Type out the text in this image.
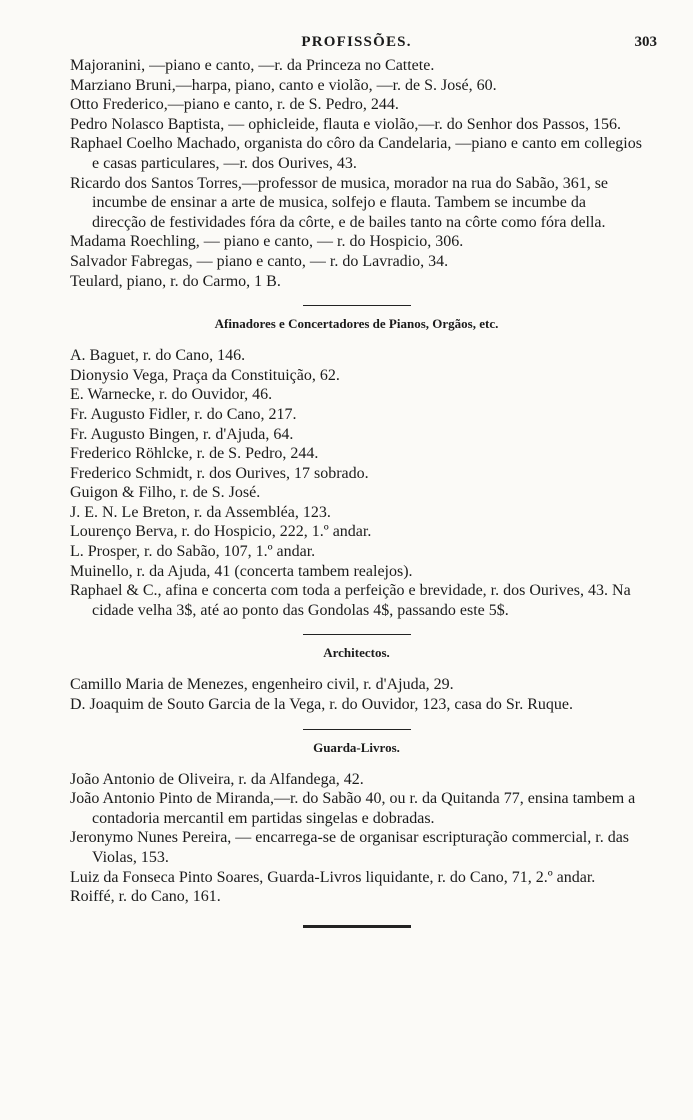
PROFISSÕES.	303

Majoranini, —piano e canto, —r. da Princeza no Cattete.

Marziano Bruni,—harpa, piano, canto e violão, —r. de S. José, 60.

Otto Frederico,—piano e canto, r. de S. Pedro, 244.

Pedro Nolasco Baptista, — ophicleide, flauta e violão,—r. do Senhor dos Passos, 156.

Raphael Coelho Machado, organista do côro da Candelaria, —piano e canto em collegios e casas particulares, —r. dos Ourives, 43.

Ricardo dos Santos Torres,—professor de musica, morador na rua do Sabão, 361, se incumbe de ensinar a arte de musica, solfejo e flauta. Tambem se incumbe da direcção de festividades fóra da côrte, e de bailes tanto na côrte como fóra della.

Madama Roechling, — piano e canto, — r. do Hospicio, 306.

Salvador Fabregas, — piano e canto, — r. do Lavradio, 34.

Teulard, piano, r. do Carmo, 1 B.

Afinadores e Concertadores de Pianos, Orgãos, etc.

A. Baguet, r. do Cano, 146.

Dionysio Vega, Praça da Constituição, 62.

E. Warnecke, r. do Ouvidor, 46.

Fr. Augusto Fidler, r. do Cano, 217.

Fr. Augusto Bingen, r. d'Ajuda, 64.

Frederico Röhlcke, r. de S. Pedro, 244.

Frederico Schmidt, r. dos Ourives, 17 sobrado.

Guigon & Filho, r. de S. José.

J. E. N. Le Breton, r. da Assembléa, 123.

Lourenço Berva, r. do Hospicio, 222, 1.º andar.

L. Prosper, r. do Sabão, 107, 1.º andar.

Muinello, r. da Ajuda, 41 (concerta tambem realejos).

Raphael & C., afina e concerta com toda a perfeição e brevidade, r. dos Ourives, 43. Na cidade velha 3$, até ao ponto das Gondolas 4$, passando este 5$.

Architectos.

Camillo Maria de Menezes, engenheiro civil, r. d'Ajuda, 29.

D. Joaquim de Souto Garcia de la Vega, r. do Ouvidor, 123, casa do Sr. Ruque.

Guarda-Livros.

João Antonio de Oliveira, r. da Alfandega, 42.

João Antonio Pinto de Miranda,—r. do Sabão 40, ou r. da Quitanda 77, ensina tambem a contadoria mercantil em partidas singelas e dobradas.

Jeronymo Nunes Pereira, — encarrega-se de organisar escripturação commercial, r. das Violas, 153.

Luiz da Fonseca Pinto Soares, Guarda-Livros liquidante, r. do Cano, 71, 2.º andar.

Roiffé, r. do Cano, 161.
